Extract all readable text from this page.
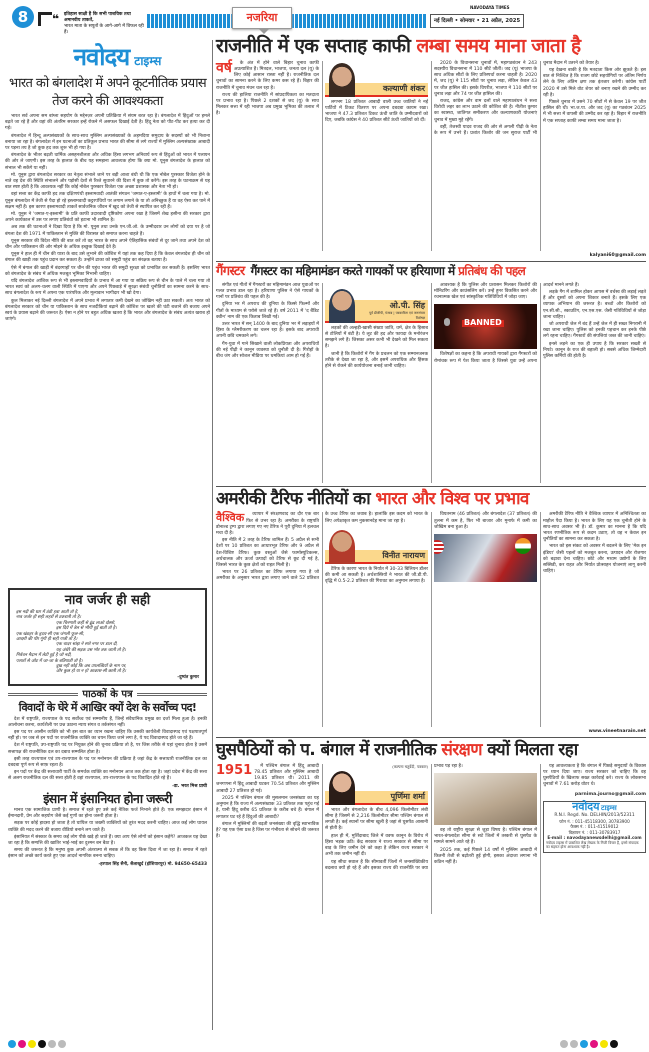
8	❝ इतिहास साक्षी है कि सभी पाशविक तथा अमानवीय ताकतें,
भारत माता के सपूतों के आगे-आगे में विफल रही हैं।
नजरिया
NAVODAYA TIMES
नई दिल्ली • सोमवार • 21 अप्रैल, 2025
नवोदय टाइम्स
भारत को बंगलादेश में अपने कूटनीतिक प्रयास तेज करने की आवश्यकता

भारत सर्व अपना सम बांग्ला सहयोग के मद्देनज़र अपनी प्रतिक्रिया में संयम बरत रहा है। बंगलादेश में हिंदुओं पर हमले बढ़ते जा रहे हैं और वहां की अंतरिम सरकार इन्हें रोकने में असफल दिखाई देती है। हिंदू नेता को पीट-पीट कर हत्या कर दी गई।

बंगलादेश में हिन्दू अल्पसंख्यकों के साथ-साथ मुस्लिम अल्पसंख्यकों के अहमदिया समुदाय के सदस्यों को भी निशाना बनाया जा रहा है। बंगलादेश में इन घटनाओं का प्रतिकूल प्रभाव भारत की सीमा से लगे राज्यों में मुस्लिम अल्पसंख्यक आबादी पर पड़ना तय है जो कुछ हद तक शुरू भी हो गया है।

बंगलादेश के भीतर बढ़ती धार्मिक असहनशीलता और अधिक हिंसा लगभग अनिवार्य रूप से हिंदुओं को भारत में पलायन की ओर ले जाएगी। इस तरह के हालात के बीच यह समझना आवश्यक होगा कि क्या मो. यूनुस बंगलादेश के हालात को संभाल भी सकेंगे या नहीं।

मो. यूनुस द्वारा बंगलादेश सरकार का नेतृत्व संभाले जाने पर बड़ी आशा बंधी थी कि एक नोबेल पुरस्कार विजेता होने के नाते वह देश की स्थिति संभालने और पड़ोसी देशों से रिश्ते सुधारने की दिशा में कुछ तो करेंगे। इस तरह के घटनाक्रम से यह बात स्पष्ट होती है कि आवश्यक नहीं कि कोई नोबेल पुरस्कार विजेता एक अच्छा प्रशासक और नेता भी हो।

वहां सत्ता का केंद्र काफी हद तक दक्षिणपंथी इस्लामवादी आतंकी संगठन 'जमात-ए-इस्लामी' के हाथों में चला गया है। मो. यूनुस बंगलादेश में तेजी से पैदा हो रहे इस्लामवादी कट्टरपंथियों पर लगाम लगाने के या तो अनिच्छुक हैं या वह ऐसा कर पाने में सक्षम नहीं हैं। इस कारण इस्लामवादी ताकतें सार्वजनिक जीवन में खुद को तेजी से स्थापित कर रही हैं।

मो. यूनुस ने 'जमात-ए-इस्लामी' के प्रति काफी उदारवादी दृष्टिकोण अपना रखा है जिसमें शेख हसीना की सरकार द्वारा अपने कार्यकाल में उस पर लगाए प्रतिबंधों को हटाना भी शामिल है।

अब तक की घटनाओं ने दिखा दिया है कि मो. यूनुस तथा उनके एन.जी.ओ. के उम्मीदवार उन लोगों को दया पर है जो बंगला देश की 1971 में पाकिस्तान से मुक्ति की विरासत को समाप्त करना चाहते हैं।

यूनुस सरकार की विदेश नीति की बात करें तो वह भारत के साथ अपने ऐतिहासिक संबंधों से दूर जाने तथा अपने देश को चीन और पाकिस्तान की ओर मोड़ने के अधिक इच्छुक दिखाई देते हैं।

यूनुस ने हाल ही में चीन की यात्रा के बाद उसे लुभाने की कोशिश में यहां तक कह दिया है कि केवल बंगलादेश ही चीन को बंगाल की खाड़ी तक पहुंच प्रदान कर सकता है। उन्होंने ढाका को समुद्री पहुंच का संरक्षक बताया है।

ऐसे में बंगाल की खाड़ी में बंदरगाहों पर चीन की पहुंच भारत की समुद्री सुरक्षा को प्रभावित कर सकती है। इसलिए भारत को बंगलादेश के संबंध में अधिक मजबूत भूमिका निभानी चाहिए।

यदि बंगलादेश आंशिक रूप से भी इस्लामवादियों के प्रभाव में आ गया या सक्रिय रूप से चीन के पाले में चला गया तो भारत स्वयं को अलग-थलग वाली स्थिति में पाएगा और अपने पिछवाड़े में सुरक्षा संबंधी चुनौतियों का सामना करने के साथ-साथ बंगलादेश के रूप में अपना एक पारंपरिक और मूल्यवान भागीदार भी खो देगा।

कुल मिलाकर नई दिल्ली बंगलादेश में अपने प्रभाव में लगातार कमी देखने का जोखिम नहीं उठा सकती। अतः भारत को बंगलादेश सरकार को चीन या पाकिस्तान के साथ नजदीकियां बढ़ाने की कोशिश पर खतरे की घंटी बजाने की बजाय अपने स्वयं के प्रयास बढ़ाने की जरूरत है। ऐसा न होने पर बहुत अधिक खतरा है कि भारत और बंगलादेश के संबंध अत्यंत खराब हो जाएंगे।

नाव जर्जर ही सही
इस नदी की धार में ठंडी हवा आती तो है,
नाव जर्जर ही सही लहरों से टकराती तो है।
एक चिनगारी कहीं से ढूंढ लाओ दोस्तो,
इस दिये में तेल से भीगी हुई बाती तो है।
एक खंडहर के हृदय-सी एक जंगली फूल-सी,
आदमी की पीर गूंगी ही सही गाती तो है।
एक चादर सांझ ने सारे नगर पर डाल दी,
यह अंधेरे की सड़क उस भोर तक जाती तो है।
निर्वचन मैदान में लेटी हुई है जो नदी,
पत्थरों से ओट में जा-जा के बतियाती तो है।
दुख नहीं कोई कि अब उपलब्धियों के नाम पर,
और कुछ हो या न हो आकाश-सी छाती तो है।
-दुष्यंत कुमार
पाठकों के पत्र
विवादों के घेरे में आखिर क्यों देश के सर्वोच्च पद!

देश में राष्ट्रपति, राज्यपाल के पद सर्वोच्च एवं सम्मानीय हैं, जिन्हें संवैधानिक प्रमुख का दर्जा मिला हुआ है। इनकी आलोचना करना, कार्यशैली पर प्रश्न उठाना न्याय संगत व तर्कसंगत नहीं।

इस पद पर आसीन व्यक्ति को भी इस बात का ध्यान रखना चाहिए कि उसकी कार्यशैली विवादास्पद एवं पक्षपातपूर्ण नहीं हो। पर जब से इन पदों पर राजनीतिक व्यक्ति का चयन किया जाने लगा है, ये पद विवादास्पद होते जा रहे हैं।

देश में राष्ट्रपति, उप-राष्ट्रपति पद पर नियुक्त होने की चुनाव प्रक्रिया तो है, पर जिस तरीके से यहां चुनाव होता है उसमें सत्तापक्ष की राजनीतिक दल का दबाव सम्मलित होता है।

इसी तरह राज्यपाल एवं उप-राज्यपाल के पद पर मनोनयन की प्रक्रिया है जहां केंद्र के सत्ताधारी राजनीतिक दल का दबदबा पूर्ण रूप से साफ़ रहता है।

इन पदों पर केंद्र की सत्ताधारी पार्टी के समर्थक व्यक्ति का मनोनयन आज तक होता रहा है। जहां प्रदेश में केंद्र की सत्ता से अलग राजनीतिक दल की सत्ता होती है वहां राज्यपाल, उप-राज्यपाल के पद विवादित होते रहे हैं।

-डा. भरत मिश्र प्राची
इंसान में इंसानियत होना जरूरी

मानव एक सामाजिक प्राणी है। समाज में रहते हुए उसे कई नैतिक फर्ज निभाने होते हैं। एक समझदार इंसान में ईमानदारी, प्रेम और सहयोग जैसे कई गुणों का होना जरूरी होता है।

सड़क पर कोई हादसा हो जाता है तो घायिल या जख्मी व्यक्तियों को तुरंत मदद करनी चाहिए। आज कई लोग घायल व्यक्ति की मदद करने की बजाय वीडियो बनाने लग जाते हैं।

इंसानियत में संस्कार के समय कई लोग पीछे खड़े हो जाते हैं। क्या आप ऐसे लोगों को इंसान कहेंगे? आजकल यह देखा जा रहा है कि सम्पत्ति की खातिर भाई-भाई का दुश्मन बन बैठा है।

समय की जरूरत है कि मनुष्य कुछ अपनी अंतरात्मा से सबक लें कि वह किस दिशा में जा रहा है। समाज में रहते इंसान को अच्छे कार्य करते हुए एक आदर्श नागरिक बनना चाहिए।

-हरपाल सिंह सैनी, सैलाखुर्द (होशियारपुर) मो. 94650-65433
राजनीति में एक सप्ताह काफी लम्बा समय माना जाता है
वर्ष	के अंत में होने वाले बिहार चुनाव काफी अप्रत्याशित हैं। मित्रदल, भाजपा, जनता दल (यू) के लिए कोई आसान रास्ता नहीं है। राजनीतिक दल चुनावों का सामना करने के लिए कमर कस रहे हैं। बिहार की राजनीति में चुनाव मंथन चल रहा है।

राज्य की हालिया राजनीति में सांप्रदायिकता का मतदाता पर प्रभाव रहा है। पिछले 2 दशकों से जद (यू) के साथ मिलकर सत्ता में रही भाजपा अब प्रमुख भूमिका की तलाश में है।

कल्याणी शंकर

लगभग 18 प्रतिशत आबादी वाली उच्च जातियों ने नई पार्टियों में टिकट वितरण पर अपना दबदबा कायम रखा। भाजपा ने 47.3 प्रतिशत टिकट ऊंची जाति के उम्मीदवारों को दिए, जबकि कांग्रेस ने 40 प्रतिशत सीटें ऊंची जातियों को दीं।

2020 के विधानसभा चुनावों में, महागठबंधन ने 243 सदस्यीय विधानसभा में 110 सीटें जीतीं। जद (यू) भाजपा के साथ अधिक सीटों के लिए प्रतिस्पर्धा करना चाहती है। 2020 में, जद (यू) ने 115 सीटों पर चुनाव लड़ा, लेकिन केवल 43 पर जीत हासिल की। इसके विपरीत, भाजपा ने 110 सीटों पर चुनाव लड़ा और 74 पर जीत हासिल की।

राजद, कांग्रेस और वाम दलों वाले महागठबंधन ने सत्ता विरोधी लहर का लाभ उठाने की कोशिश की है। नीतीश कुमार का स्वास्थ्य, जातिगत समीकरण और कल्याणकारी योजनाएं चुनाव में मुख्य मुद्दे रहेंगे।

वहीं, तेजस्वी यादव राजद की ओर से अगली पीढ़ी के नेता के रूप में उभरे हैं। प्रशांत किशोर की जन सुराज पार्टी भी चुनाव मैदान में उतरने को तैयार है।

यह देखना बाकी है कि मतदाता किस ओर झुकते हैं। इस बात से निश्चित है कि राजग छोटे सहयोगियों पर अंतिम निर्णय लेने के लिए अंतिम क्षण तक इंतजार करेगी। कांग्रेस पार्टी 2020 में उसे मिले वोट शेयर को बनाए रखने की उम्मीद कर रही है।

पिछले चुनाव में उसने 70 सीटों में से केवल 19 पर जीत हासिल की थी। भा.ज.पा. और जद (यू) का गठबंधन 2025 में भी सत्ता में वापसी की उम्मीद कर रहा है। बिहार में राजनीति में एक सप्ताह काफी लम्बा समय माना जाता है।

kalyani60@gmail.com
गैंगस्टर गैंगस्टर का महिमामंडन करते गायकों पर हरियाणा में प्रतिबंध की पहल

संगीत एवं गीतों में गैंगस्टरों का महिमामंडन आज युवाओं पर गलत प्रभाव डाल रहा है। हरियाणा पुलिस ने ऐसे गायकों के गानों पर प्रतिबंध की पहल की है।

दुनिया भर में अपराध की दुनिया के किस्से फिल्मों और गीतों के माध्यम से परोसे जाते रहे हैं। वर्ष 2011 में 'द बैंडिट क्वीन' नाम की एक किताब लिखी गई।

उत्तर भारत में सन् 1400 के बाद दुनिया भर में लड़ाइयों में हिंसा के ग्लैमरीकरण का चलन रहा है। इसके बाद अपराधी अपनी छवि चमकाने लगे।

गैंग-युवा में गाने सिखाने वाली लोकप्रियता और अपराधियों की नई पीढ़ी ने कानून व्यवस्था को चुनौती दी है। गिरोहों के बीच जंग और सोशल मीडिया पर धमकियां आम हो गई हैं।

ओ.पी. सिंह
पूर्व डीजीपी, पंजाब | पत्रकारिता एवं जनसंचार विशेषज्ञ

लड़कों की अल्हड़ी-खासी संख्या जाति, धर्म, क्षेत्र के हिसाब से टोलियों में बंटी है। ये लूट की हद और फायदा के मनोरंजन समझने लगे हैं। जिसका असर कभी भी देखने को मिल सकता है।

जानी है कि किशोरों में गैंग के प्रचलन को एक सम्मानजनक तरीके से देखा जा रहा है, और इसमें अपराधिक और हिंसक होने से रोकने की कार्ययोजना बनाई जानी चाहिए।

आवश्यक है कि पुलिस और प्रशासन मिलकर किशोरों की मॉनिटरिंग और काउंसलिंग करें। उन्हें हुनर विकसित करने और रचनात्मक खेल एवं सांस्कृतिक गतिविधियों में जोड़ा जाए।

BANNED

विशेषज्ञों का कहना है कि अपराधी गायकों द्वारा गैंगस्टरों को रोमांचक रूप में पेश किया जाता है जिससे युवा उन्हें अपना आदर्श मानने लगते हैं।

लड़के गैंग में शामिल होकर आपस में वर्चस्व की लड़ाई लड़ते हैं और दूसरों को अपना शिकार बनाते हैं। इसके लिए एक व्यापक अभियान की जरूरत है। बच्चों और किशोरों को एन.सी.सी., स्काउटिंग, एन.एस.एस. जैसी गतिविधियों से जोड़ा जाना चाहिए।

जो अपराधी जेल में बंद हैं उन्हें जेल में ही सख्त निगरानी में रखा जाना चाहिए। पुलिस को इनकी पहचान कर इनके पीछे लगे रहना चाहिए। गैंगस्टरों की संपत्तियां जब्त की जानी चाहिएं।

इनसे लड़ने का एक ही उपाय है कि सरकार सख्ती से निपटे। कानून के राज की बहाली हो। सबसे अधिक जिम्मेदारी पुलिस कर्मियों की होती है।

अमरीकी टैरिफ नीतियों का भारत और विश्व पर प्रभाव
वैश्विक	व्यापार में संरक्षणवाद का दौर एक बार फिर से उभर रहा है। अमरीका के राष्ट्रपति डोनाल्ड ट्रम्प द्वारा लगाए गए नए टैरिफ ने पूरी दुनिया में हलचल मचा दी है।

इस नीति में 2 तरह के टैरिफ शामिल हैं। 5 अप्रैल से सभी देशों पर 10 प्रतिशत का आधारभूत टैरिफ और 9 अप्रैल से देश-विशिष्ट टैरिफ। कुछ वस्तुओं जैसे फार्मास्यूटिकल्स, अर्धचालक और ऊर्जा उत्पादों को टैरिफ से छूट दी गई है, जिससे भारत के कुछ क्षेत्रों को राहत मिली है।

भारत पर 26 प्रतिशत का टैरिफ लगाया गया है जो अमरीका के अनुसार भारत द्वारा लगाए जाने वाले 52 प्रतिशत के उच्च टैरिफ का जवाब है। हालांकि इस कदम को भारत के लिए अपेक्षाकृत कम नुकसानदेह माना जा रहा है।

विनीत नारायण

टैरिफ के कारण भारत के निर्यात में 30-33 बिलियन डॉलर की कमी आ सकती है। अर्थशास्त्रियों ने भारत की जी.डी.पी. वृद्धि में 0.5-2.2 प्रतिशत की गिरावट का अनुमान लगाया है।

वियतनाम (46 प्रतिशत) और बंगलादेश (37 प्रतिशत) की तुलना में कम है, फिर भी बाजार और मुनाफे में कमी का जोखिम बना हुआ है।

अमरीकी टैरिफ नीति ने वैश्विक व्यापार में अनिश्चितता का माहौल पैदा किया है। भारत के लिए यह एक चुनौती होने के साथ-साथ अवसर भी है। डॉ. कुमार का मानना है कि यदि भारत रणनीतिक रूप से कदम उठाए, तो वह न केवल इन चुनौतियों का सामना कर सकता है।

भारत को इस संकट को अवसर में बदलने के लिए 'मेक इन इंडिया' जैसी पहलों को मजबूत करना, उत्पादन और रोजगार को बढ़ावा देना चाहिए। छोटे और मध्यम उद्योगों के लिए सब्सिडी, कर राहत और निर्यात प्रोत्साहन योजनाएं लागू करनी चाहिएं।

www.vineetnarain.net
घुसपैठियों को प. बंगाल में राजनीतिक संरक्षण क्यों मिलता रहा
1951	में पश्चिम बंगाल में हिंदू आबादी 78.45 प्रतिशत और मुस्लिम आबादी 19.85 प्रतिशत थी। 2011 की जनगणना में हिंदू आबादी घटकर 70.54 प्रतिशत और मुस्लिम आबादी 27 प्रतिशत हो गई।

2025 में पश्चिम बंगाल की मुसलमान जनसंख्या का यह अनुमान है कि राज्य में अल्पसंख्यक 33 प्रतिशत तक पहुंच गई है, यानी हिंदू करीब 65 प्रतिशत के करीब बचे हैं। बंगाल में लगातार घट रहे हैं हिंदुओं की आबादी?

बंगाल में मुस्लिमों की बढ़ती जनसंख्या की वृद्धि स्वाभाविक है? यह एक ऐसा प्रश्न है जिस पर गंभीरता से सोचने की जरूरत है।

(कल्पना चतुर्वेदी, पत्रकार)
पूर्णिमा शर्मा

भारत और बंगलादेश के बीच 4,096 किलोमीटर लंबी सीमा है जिसमें से 2,216 किलोमीटर सीमा पश्चिम बंगाल से लगती है। कई स्थानों पर सीमा खुली है जहां से घुसपैठ आसानी से होती है।

हाल ही में, मुर्शिदाबाद जिले में वक्फ कानून के विरोध में हिंसा भड़क उठी। केंद्र सरकार ने राज्य सरकार से सीमा पर बाड़ के लिए जमीन देने को कहा है लेकिन राज्य सरकार ने अभी तक जमीन नहीं दी।

यह सीधा सवाल है कि सीमावर्ती जिलों में जनसांख्यिकीय बदलाव क्यों हो रहे हैं और इसका राज्य की राजनीति पर क्या प्रभाव पड़ रहा है।

वह तो राष्ट्रीय सुरक्षा से जुड़ा विषय है। पश्चिम बंगाल में भारत-बंगलादेश सीमा से सटे जिलों में तस्करी से घुसपैठ के मामले सामने आते रहे हैं।

2025 तक, कई पिछले 14 वर्षों में मुस्लिम आबादी में कितनी तेजी से बढ़ोतरी हुई होगी, इसका अंदाजा लगाना भी कठिन नहीं है।

यह आवश्यकता है कि बंगाल में पिछड़े समुदायों के विकास पर ध्यान दिया जाए। राज्य सरकार को चाहिए कि वह घुसपैठियों के खिलाफ सख्त कार्रवाई करे। राज्य के लोकसभा चुनावों में 7.61 करोड़ वोटर थे।

parnima.journo@gmail.com
नवोदय टाइम्स
R.N.I. Regd. No. DELHIN/2013/52311
फोन नं. : 011-45118300, 30783900
फैक्स नं. : 011-41519012
विज्ञापन नं. : 011-30783917
E-mail : navodayanewsdelhi@gmail.com
नवोदय टाइम्स में प्रकाशित लेख लेखक के निजी विचार हैं, इनसे संपादक का सहमत होना आवश्यक नहीं है।
